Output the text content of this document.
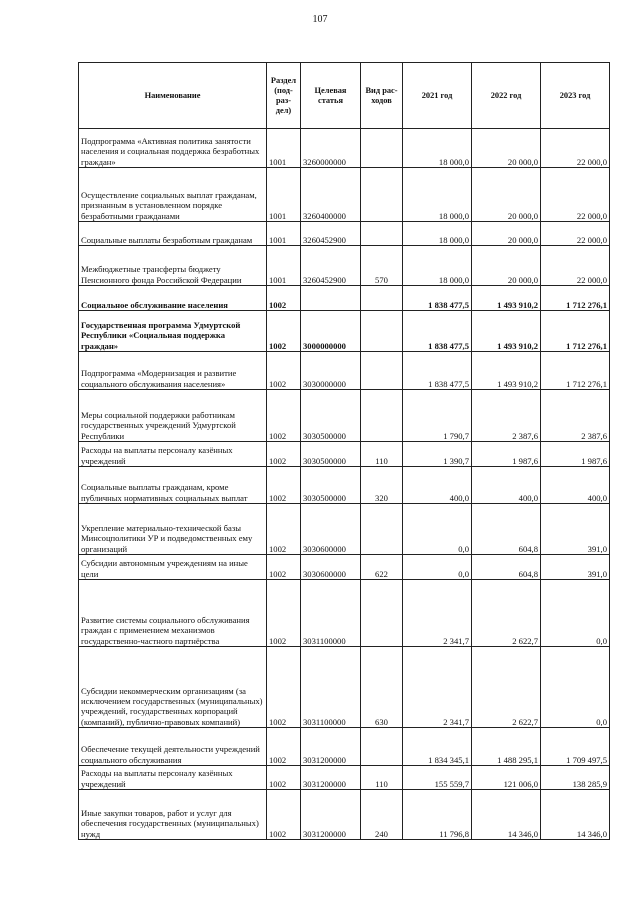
107
Наименование	Раздел (под-раз-дел)	Целевая статья	Вид рас-ходов	2021 год	2022 год	2023 год
Подпрограмма «Активная политика занятости населения и социальная поддержка безработных граждан»	1001	3260000000		18 000,0	20 000,0	22 000,0
Осуществление социальных выплат гражданам, признанным в установленном порядке безработными гражданами	1001	3260400000		18 000,0	20 000,0	22 000,0
Социальные выплаты безработным гражданам	1001	3260452900		18 000,0	20 000,0	22 000,0
Межбюджетные трансферты бюджету Пенсионного фонда Российской Федерации	1001	3260452900	570	18 000,0	20 000,0	22 000,0
Социальное обслуживание населения	1002			1 838 477,5	1 493 910,2	1 712 276,1
Государственная программа Удмуртской Республики «Социальная поддержка граждан»	1002	3000000000		1 838 477,5	1 493 910,2	1 712 276,1
Подпрограмма «Модернизация и развитие социального обслуживания населения»	1002	3030000000		1 838 477,5	1 493 910,2	1 712 276,1
Меры социальной поддержки работникам государственных учреждений Удмуртской Республики	1002	3030500000		1 790,7	2 387,6	2 387,6
Расходы на выплаты персоналу казённых учреждений	1002	3030500000	110	1 390,7	1 987,6	1 987,6
Социальные выплаты гражданам, кроме публичных нормативных социальных выплат	1002	3030500000	320	400,0	400,0	400,0
Укрепление материально-технической базы Минсоцполитики УР и подведомственных ему организаций	1002	3030600000		0,0	604,8	391,0
Субсидии автономным учреждениям на иные цели	1002	3030600000	622	0,0	604,8	391,0
Развитие системы социального обслуживания граждан с применением механизмов государственно-частного партнёрства	1002	3031100000		2 341,7	2 622,7	0,0
Субсидии некоммерческим организациям (за исключением государственных (муниципальных) учреждений, государственных корпораций (компаний), публично-правовых компаний)	1002	3031100000	630	2 341,7	2 622,7	0,0
Обеспечение текущей деятельности учреждений социального обслуживания	1002	3031200000		1 834 345,1	1 488 295,1	1 709 497,5
Расходы на выплаты персоналу казённых учреждений	1002	3031200000	110	155 559,7	121 006,0	138 285,9
Иные закупки товаров, работ и услуг для обеспечения государственных (муниципальных) нужд	1002	3031200000	240	11 796,8	14 346,0	14 346,0
